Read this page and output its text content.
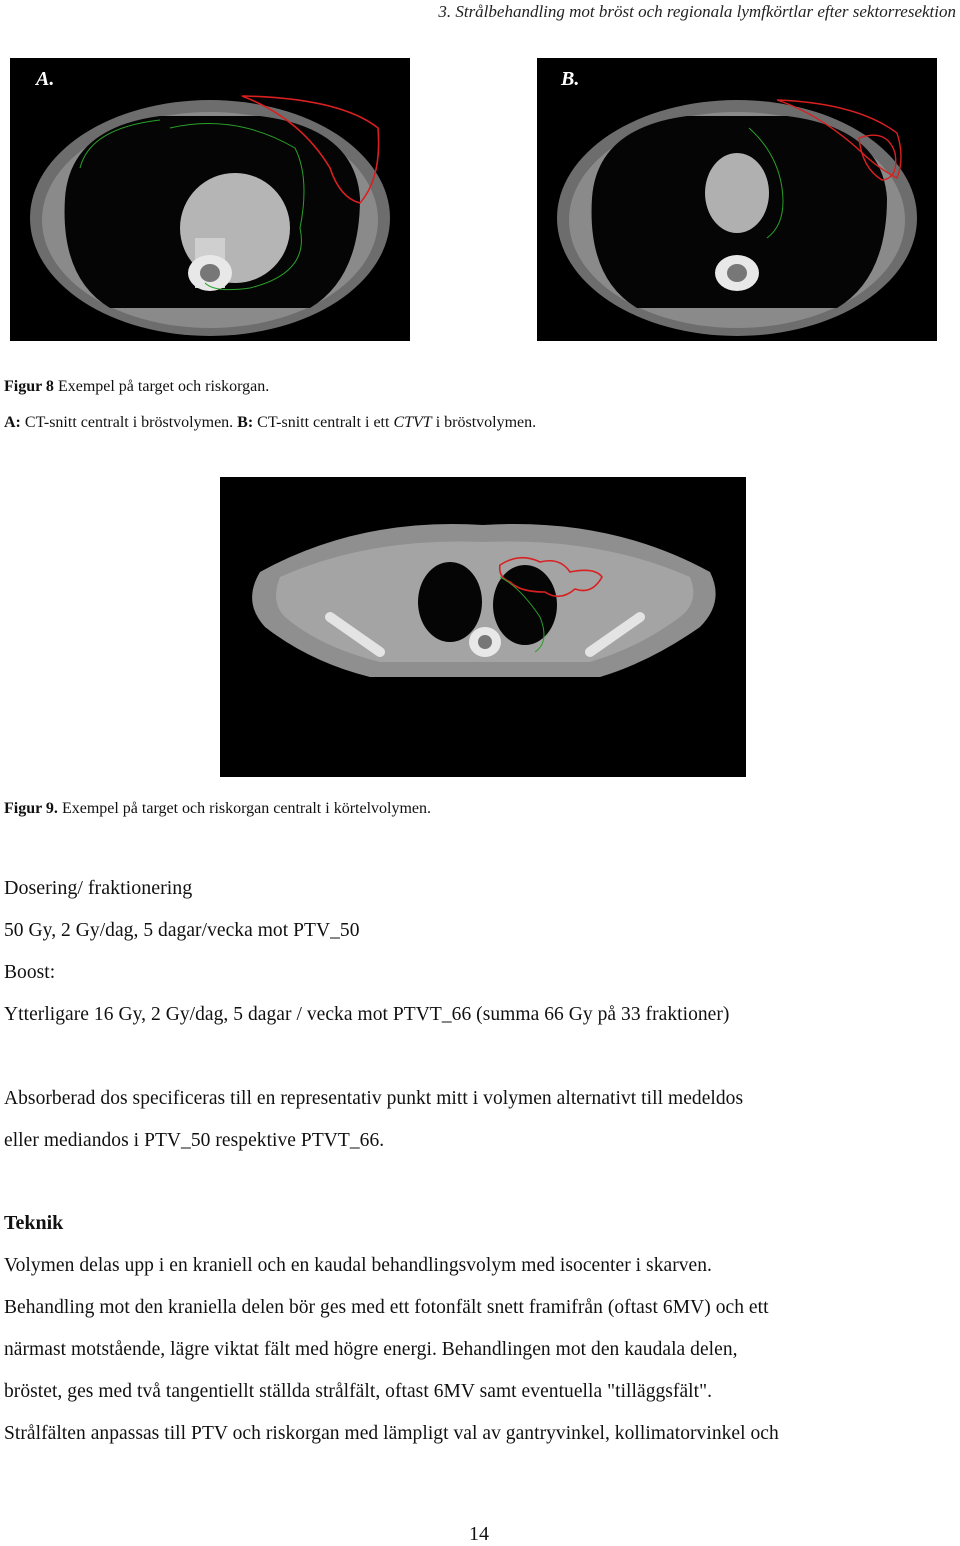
3. Strålbehandling mot bröst och regionala lymfkörtlar efter sektorresektion
A.	B.
Figur 8 Exempel på target och riskorgan.
A: CT-snitt centralt i bröstvolymen. B: CT-snitt centralt i ett CTVT i bröstvolymen.
Figur 9. Exempel på target och riskorgan centralt i körtelvolymen.
Dosering/ fraktionering
50 Gy, 2 Gy/dag, 5 dagar/vecka mot PTV_50
Boost:
Ytterligare 16 Gy, 2 Gy/dag, 5 dagar / vecka mot PTVT_66 (summa 66 Gy på 33 fraktioner)
Absorberad dos specificeras till en representativ punkt mitt i volymen alternativt till medeldos
eller mediandos i PTV_50 respektive PTVT_66.
Teknik
Volymen delas upp i en kraniell och en kaudal behandlingsvolym med isocenter i skarven.
Behandling mot den kraniella delen bör ges med ett fotonfält snett framifrån (oftast 6MV) och ett
närmast motstående, lägre viktat fält med högre energi. Behandlingen mot den kaudala delen,
bröstet, ges med två tangentiellt ställda strålfält, oftast 6MV samt eventuella "tilläggsfält".
Strålfälten anpassas till PTV och riskorgan med lämpligt val av gantryvinkel, kollimatorvinkel och
14
